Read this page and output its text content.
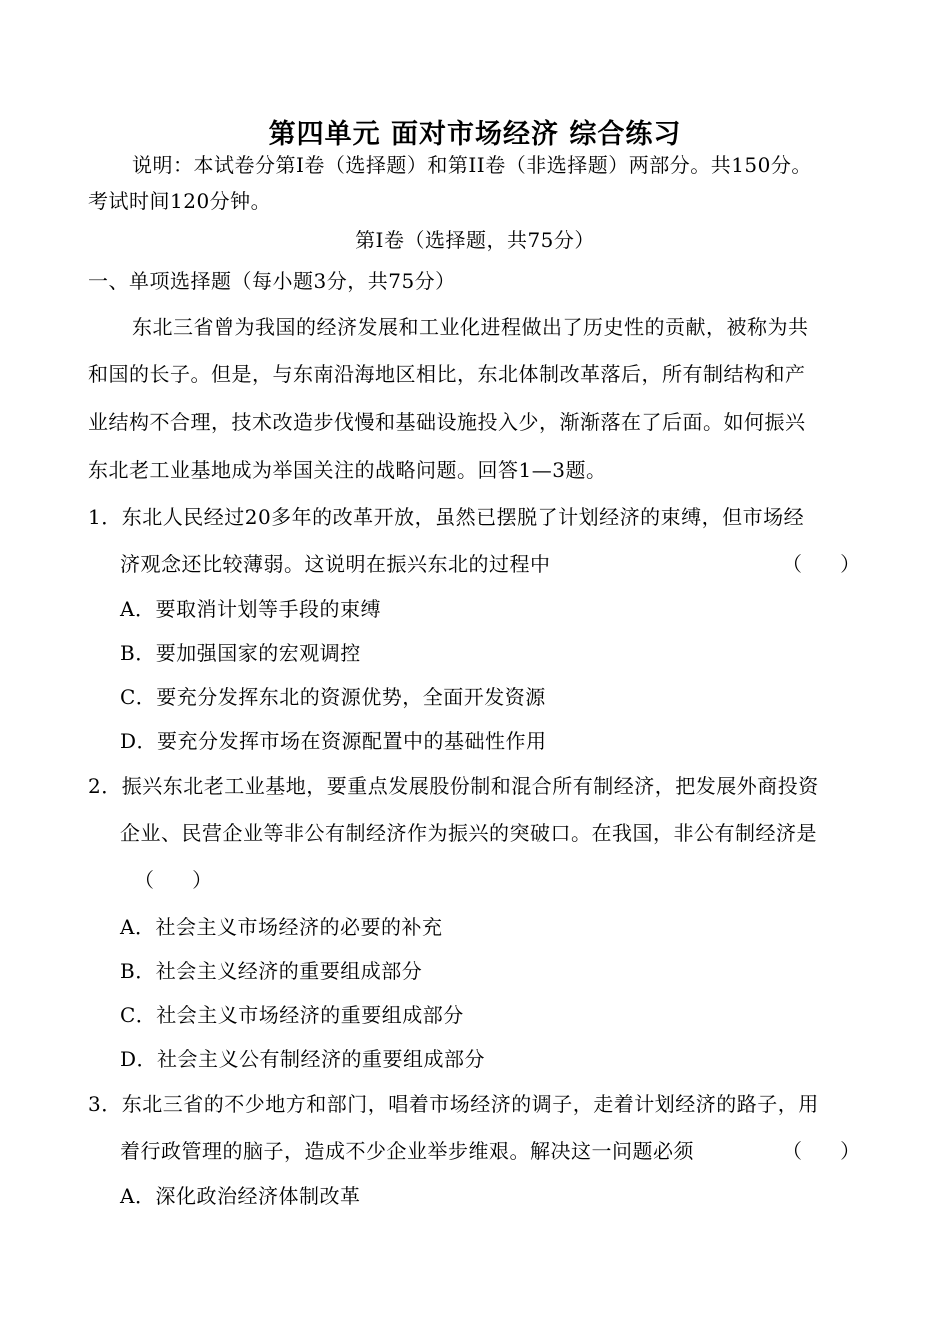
第四单元 面对市场经济 综合练习
说明：本试卷分第Ⅰ卷（选择题）和第II卷（非选择题）两部分。共150分。
考试时间120分钟。
第Ⅰ卷（选择题，共75分）
一、单项选择题（每小题3分，共75分）
东北三省曾为我国的经济发展和工业化进程做出了历史性的贡献，被称为共
和国的长子。但是，与东南沿海地区相比，东北体制改革落后，所有制结构和产
业结构不合理，技术改造步伐慢和基础设施投入少，渐渐落在了后面。如何振兴
东北老工业基地成为举国关注的战略问题。回答1—3题。
1．东北人民经过20多年的改革开放，虽然已摆脱了计划经济的束缚，但市场经
济观念还比较薄弱。这说明在振兴东北的过程中	（      ）
A．要取消计划等手段的束缚
B．要加强国家的宏观调控
C．要充分发挥东北的资源优势，全面开发资源
D．要充分发挥市场在资源配置中的基础性作用
2．振兴东北老工业基地，要重点发展股份制和混合所有制经济，把发展外商投资
企业、民营企业等非公有制经济作为振兴的突破口。在我国，非公有制经济是
（      ）
A．社会主义市场经济的必要的补充
B．社会主义经济的重要组成部分
C．社会主义市场经济的重要组成部分
D．社会主义公有制经济的重要组成部分
3．东北三省的不少地方和部门，唱着市场经济的调子，走着计划经济的路子，用
着行政管理的脑子，造成不少企业举步维艰。解决这一问题必须	（      ）
A．深化政治经济体制改革
